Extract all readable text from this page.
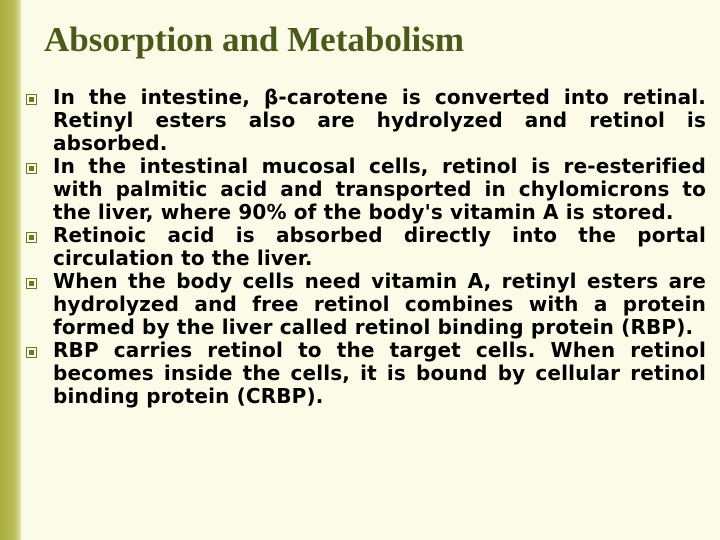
Absorption and Metabolism
In the intestine, β-carotene is converted into retinal. Retinyl esters also are hydrolyzed and retinol is absorbed.
In the intestinal mucosal cells, retinol is re-esterified with palmitic acid and transported in chylomicrons to the liver, where 90% of the body's vitamin A is stored.
Retinoic acid is absorbed directly into the portal circulation to the liver.
When the body cells need vitamin A, retinyl esters are hydrolyzed and free retinol combines with a protein formed by the liver called retinol binding protein (RBP).
RBP carries retinol to the target cells. When retinol becomes inside the cells, it is bound by cellular retinol binding protein (CRBP).
